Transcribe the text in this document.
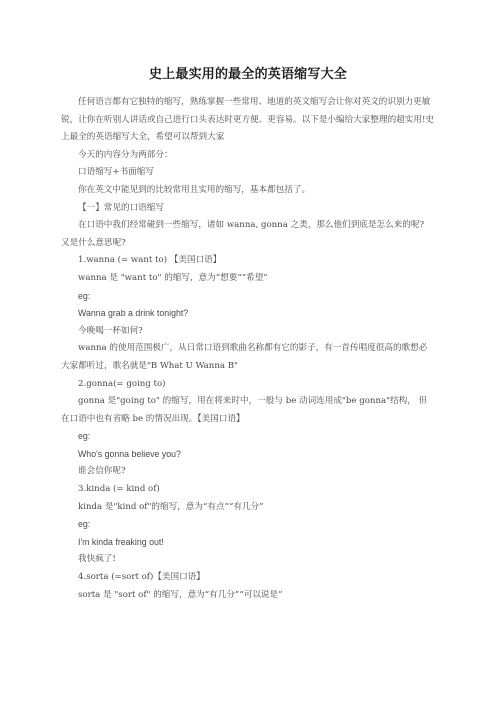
史上最实用的最全的英语缩写大全

任何语言都有它独特的缩写，熟练掌握一些常用、地道的英文缩写会让你对英文的识别力更敏锐，让你在听别人讲话或自己进行口头表达时更方便、更容易。以下是小编给大家整理的超实用!史上最全的英语缩写大全，希望可以帮到大家

今天的内容分为两部分：

口语缩写+书面缩写

你在英文中能见到的比较常用且实用的缩写，基本都包括了。

【一】常见的口语缩写

在口语中我们经常碰到一些缩写，诸如 wanna, gonna 之类，那么他们到底是怎么来的呢? 又是什么意思呢?

1.wanna (= want to) 【美国口语】

wanna 是 "want to" 的缩写，意为“想要”“希望”

eg:

Wanna grab a drink tonight?

今晚喝一杯如何?

wanna 的使用范围极广，从日常口语到歌曲名称都有它的影子，有一首传唱度很高的歌想必大家都听过，歌名就是"B What U Wanna B"

2.gonna(= going to)

gonna 是"going to" 的缩写，用在将来时中，一般与 be 动词连用成"be gonna"结构， 但在口语中也有省略 be 的情况出现。【美国口语】

eg:

Who's gonna believe you?

谁会信你呢?

3.kinda (= kind of)

kinda 是"kind of"的缩写，意为“有点”“有几分”

eg:

I'm kinda freaking out!

我快疯了!

4.sorta (=sort of)【美国口语】

sorta 是 "sort of" 的缩写，意为“有几分”“可以说是”
